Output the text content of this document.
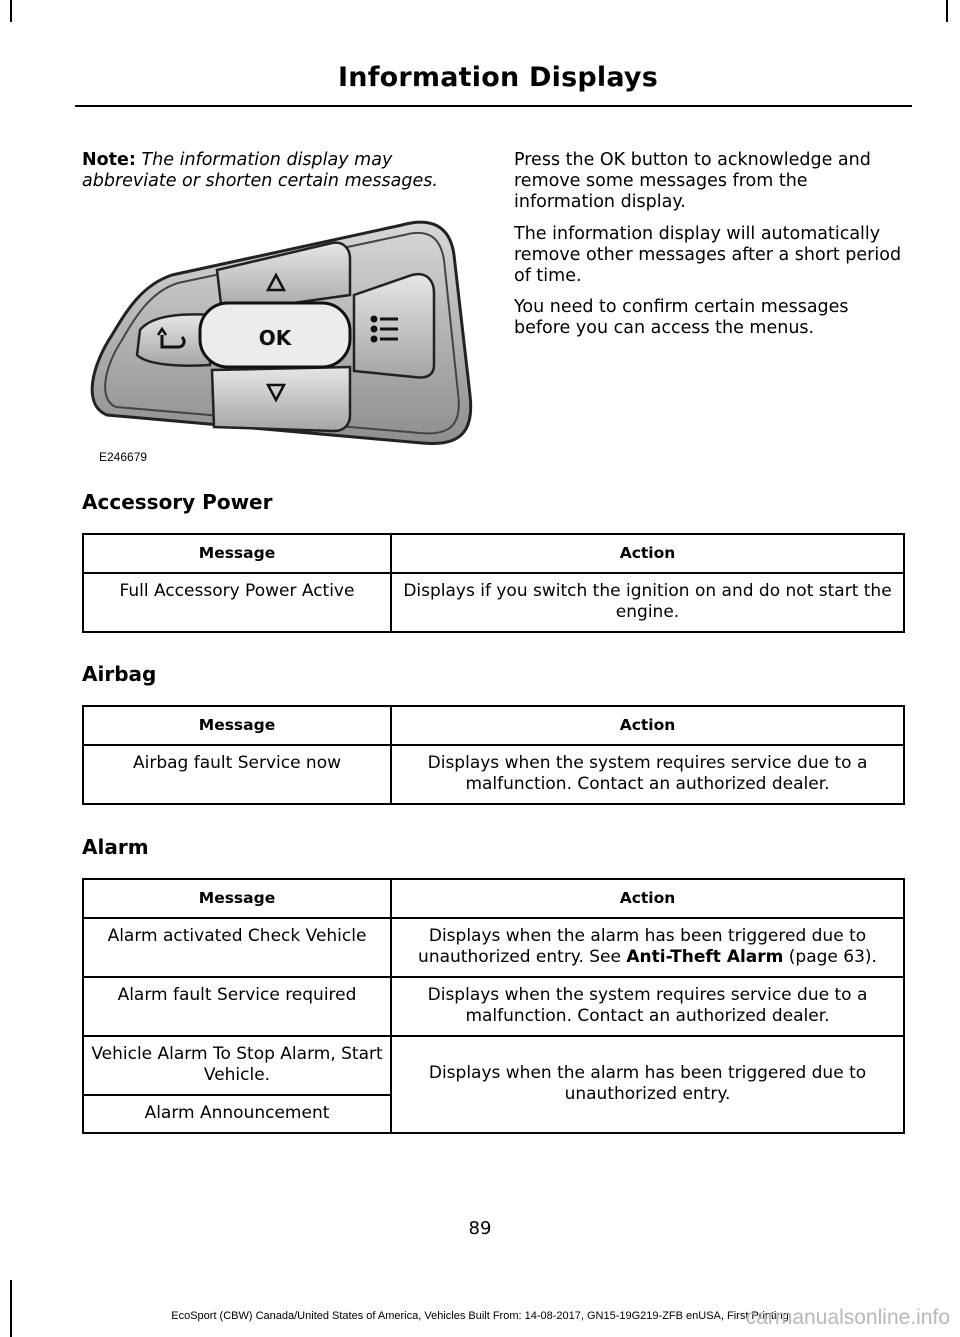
Information Displays

Note: The information display may abbreviate or shorten certain messages.

Press the OK button to acknowledge and remove some messages from the information display.

The information display will automatically remove other messages after a short period of time.

You need to confirm certain messages before you can access the menus.

OK
E246679
Accessory Power
Message	Action
Full Accessory Power Active	Displays if you switch the ignition on and do not start the engine.
Airbag
Message	Action
Airbag fault Service now	Displays when the system requires service due to a malfunction. Contact an authorized dealer.
Alarm
Message	Action
Alarm activated Check Vehicle	Displays when the alarm has been triggered due to unauthorized entry. See Anti-Theft Alarm (page 63).
Alarm fault Service required	Displays when the system requires service due to a malfunction. Contact an authorized dealer.
Vehicle Alarm To Stop Alarm, Start Vehicle.	Displays when the alarm has been triggered due to unauthorized entry.
Alarm Announcement	
89
EcoSport (CBW) Canada/United States of America, Vehicles Built From: 14-08-2017, GN15-19G219-ZFB enUSA, First Printing
carmanualsonline.info
